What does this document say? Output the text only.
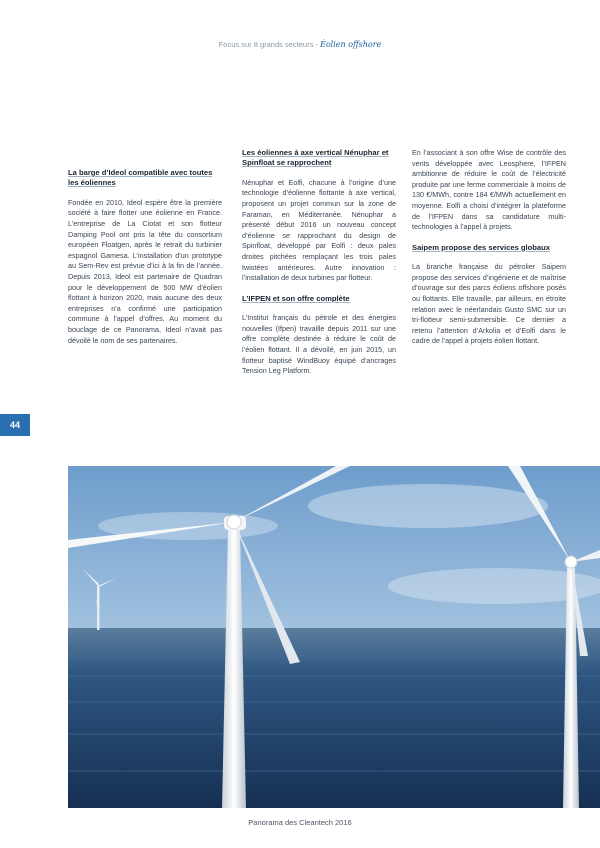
Focus sur 8 grands secteurs - Éolien offshore
La barge d’Ideol compatible avec toutes les éoliennes

Fondée en 2010, Ideol espère être la première société à faire flotter une éolienne en France. L’entreprise de La Ciotat et son flotteur Damping Pool ont pris la tête du consortium européen Floatgen, après le retrait du turbinier espagnol Gamesa. L’installation d’un prototype au Sem-Rev est prévue d’ici à la fin de l’année. Depuis 2013, Ideol est partenaire de Quadran pour le développement de 500 MW d’éolien flottant à horizon 2020, mais aucune des deux entreprises n’a confirmé une participation commune à l’appel d’offres. Au moment du bouclage de ce Panorama, Ideol n’avait pas dévoilé le nom de ses partenaires.

Les éoliennes à axe vertical Nénuphar et Spinfloat se rapprochent

Nénuphar et Eolfi, chacune à l’origine d’une technologie d’éolienne flottante à axe vertical, proposent un projet commun sur la zone de Faraman, en Méditerranée. Nénuphar a présenté début 2016 un nouveau concept d’éolienne se rapprochant du design de Spinfloat, développé par Eolfi : deux pales droites pitchées remplaçant les trois pales twistées antérieures. Autre innovation : l’installation de deux turbines par flotteur.

L’IFPEN et son offre complète

L’Institut français du pétrole et des énergies nouvelles (Ifpen) travaille depuis 2011 sur une offre complète destinée à réduire le coût de l’éolien flottant. Il a dévoilé, en juin 2015, un flotteur baptisé WindBuoy équipé d’ancrages Tension Leg Platform.

En l’associant à son offre Wise de contrôle des vents développée avec Leosphere, l’IFPEN ambitionne de réduire le coût de l’électricité produite par une ferme commerciale à moins de 130 €/MWh, contre 184 €/MWh actuellement en moyenne. Eolfi a choisi d’intégrer la plateforme de l’IFPEN dans sa candidature multi-technologies à l’appel à projets.

Saipem propose des services globaux

La branche française du pétrolier Saipem propose des services d’ingénierie et de maîtrise d’ouvrage sur des parcs éoliens offshore posés ou flottants. Elle travaille, par ailleurs, en étroite relation avec le néerlandais Gusto SMC sur un tri-flotteur semi-submersible. Ce dernier a retenu l’attention d’Arkolia et d’Eolfi dans le cadre de l’appel à projets éolien flottant.

44
Panorama des Cleantech 2016
